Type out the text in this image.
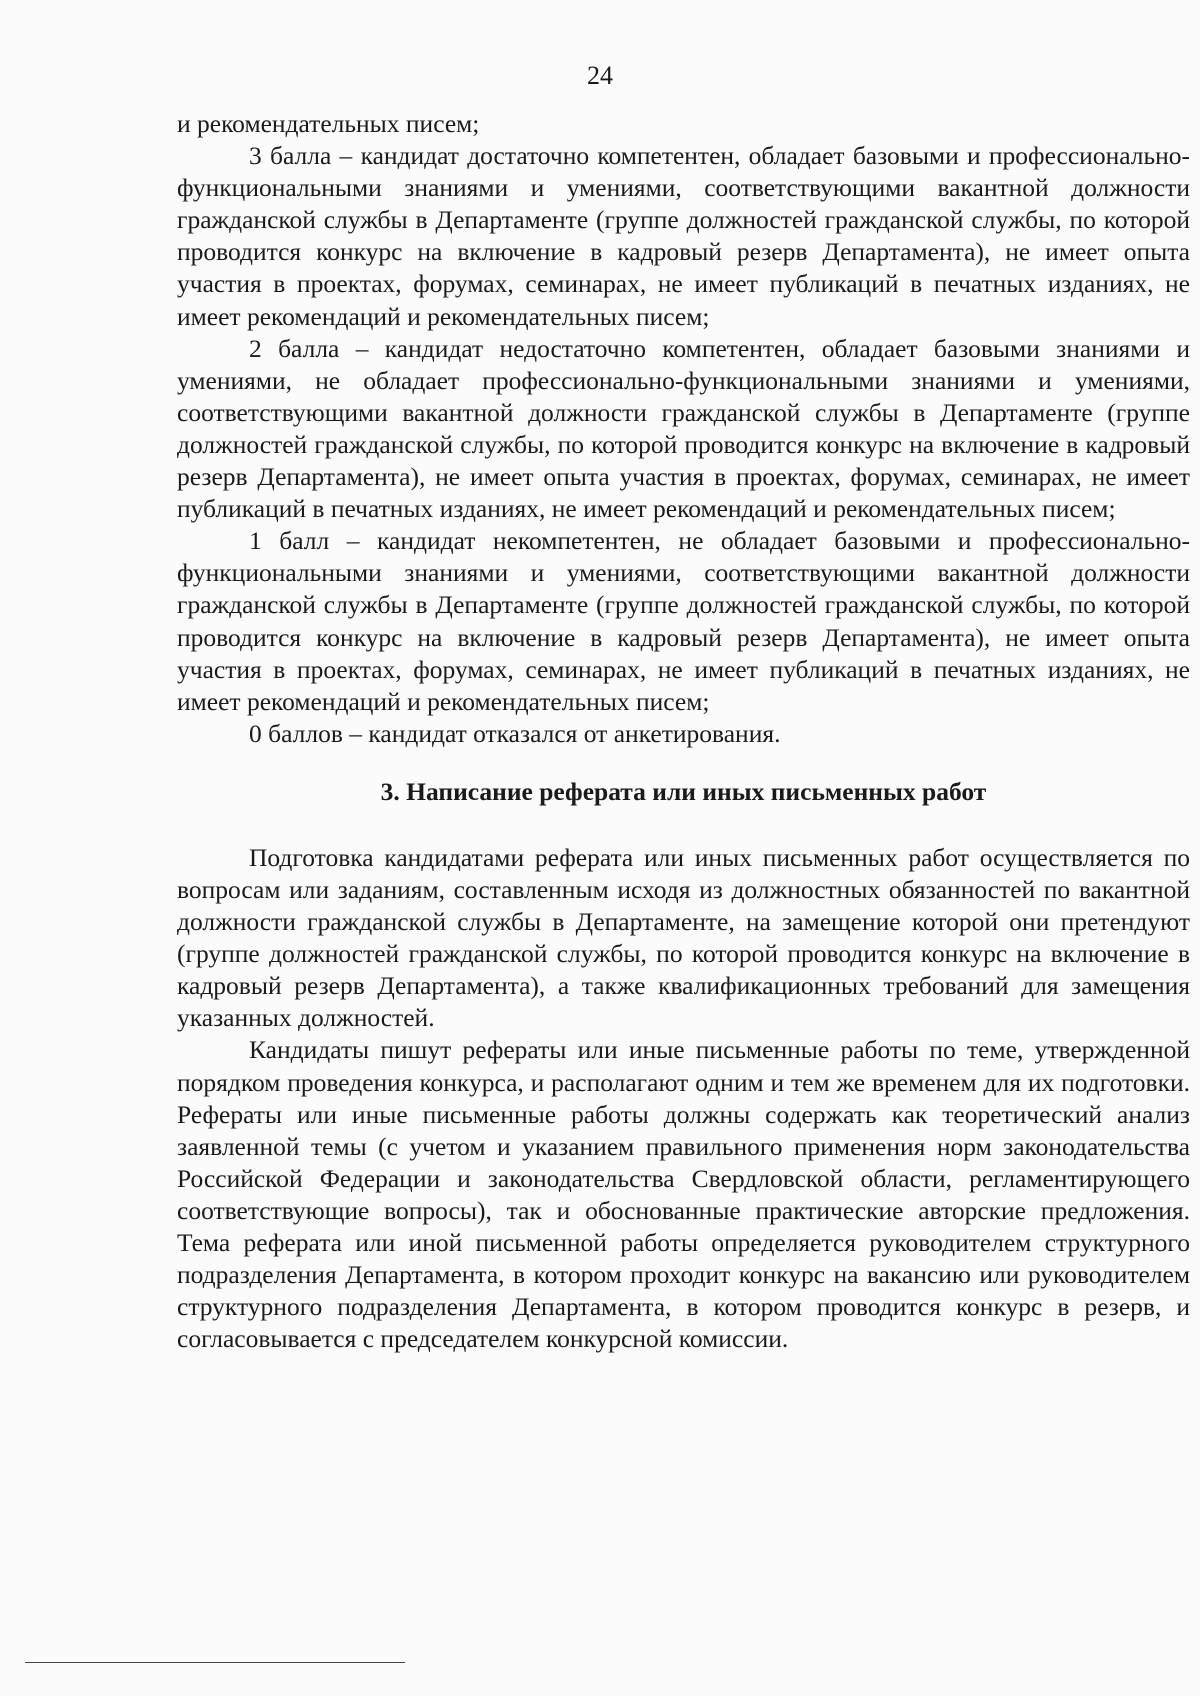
24

и рекомендательных писем;

3 балла – кандидат достаточно компетентен, обладает базовыми и профессионально-функциональными знаниями и умениями, соответствующими вакантной должности гражданской службы в Департаменте (группе должностей гражданской службы, по которой проводится конкурс на включение в кадровый резерв Департамента), не имеет опыта участия в проектах, форумах, семинарах, не имеет публикаций в печатных изданиях, не имеет рекомендаций и рекомендательных писем;

2 балла – кандидат недостаточно компетентен, обладает базовыми знаниями и умениями, не обладает профессионально-функциональными знаниями и умениями, соответствующими вакантной должности гражданской службы в Департаменте (группе должностей гражданской службы, по которой проводится конкурс на включение в кадровый резерв Департамента), не имеет опыта участия в проектах, форумах, семинарах, не имеет публикаций в печатных изданиях, не имеет рекомендаций и рекомендательных писем;

1 балл – кандидат некомпетентен, не обладает базовыми и профессионально-функциональными знаниями и умениями, соответствующими вакантной должности гражданской службы в Департаменте (группе должностей гражданской службы, по которой проводится конкурс на включение в кадровый резерв Департамента), не имеет опыта участия в проектах, форумах, семинарах, не имеет публикаций в печатных изданиях, не имеет рекомендаций и рекомендательных писем;

0 баллов – кандидат отказался от анкетирования.

3. Написание реферата или иных письменных работ

Подготовка кандидатами реферата или иных письменных работ осуществляется по вопросам или заданиям, составленным исходя из должностных обязанностей по вакантной должности гражданской службы в Департаменте, на замещение которой они претендуют (группе должностей гражданской службы, по которой проводится конкурс на включение в кадровый резерв Департамента), а также квалификационных требований для замещения указанных должностей.

Кандидаты пишут рефераты или иные письменные работы по теме, утвержденной порядком проведения конкурса, и располагают одним и тем же временем для их подготовки. Рефераты или иные письменные работы должны содержать как теоретический анализ заявленной темы (с учетом и указанием правильного применения норм законодательства Российской Федерации и законодательства Свердловской области, регламентирующего соответствующие вопросы), так и обоснованные практические авторские предложения. Тема реферата или иной письменной работы определяется руководителем структурного подразделения Департамента, в котором проходит конкурс на вакансию или руководителем структурного подразделения Департамента, в котором проводится конкурс в резерв, и согласовывается с председателем конкурсной комиссии.
